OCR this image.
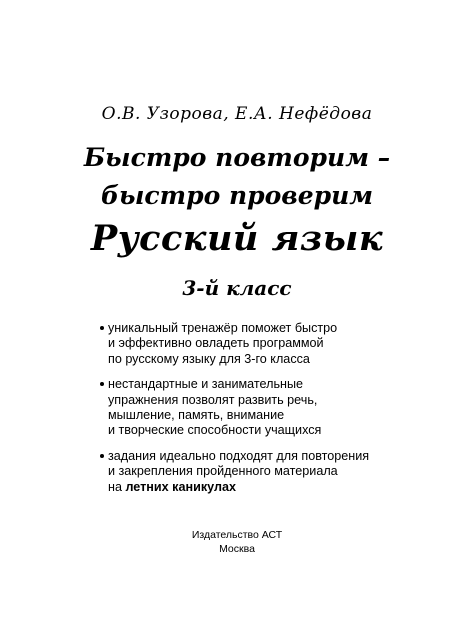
О.В. Узорова, Е.А. Нефёдова
Быстро повторим –
быстро проверим
Русский язык
3-й класс
уникальный тренажёр поможет быстро
и эффективно овладеть программой
по русскому языку для 3-го класса
нестандартные и занимательные
упражнения позволят развить речь,
мышление, память, внимание
и творческие способности учащихся
задания идеально подходят для повторения
и закрепления пройденного материала
на летних каникулах
Издательство АСТ
Москва
